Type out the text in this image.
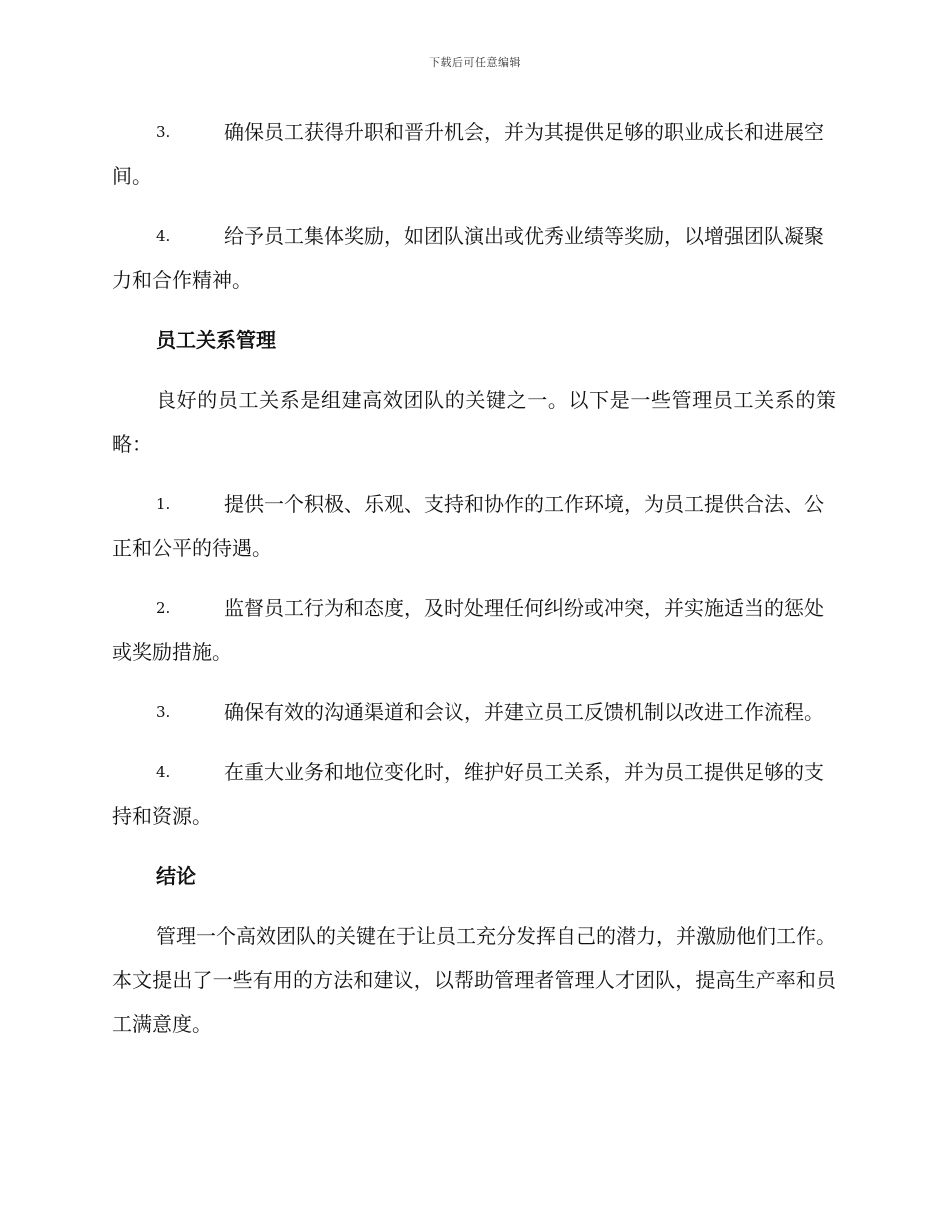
下载后可任意编辑
3.	确保员工获得升职和晋升机会，并为其提供足够的职业成长和进展空间。
4.	给予员工集体奖励，如团队演出或优秀业绩等奖励，以增强团队凝聚力和合作精神。
员工关系管理

良好的员工关系是组建高效团队的关键之一。以下是一些管理员工关系的策略：

1.	提供一个积极、乐观、支持和协作的工作环境，为员工提供合法、公正和公平的待遇。
2.	监督员工行为和态度，及时处理任何纠纷或冲突，并实施适当的惩处或奖励措施。
3.	确保有效的沟通渠道和会议，并建立员工反馈机制以改进工作流程。
4.	在重大业务和地位变化时，维护好员工关系，并为员工提供足够的支持和资源。
结论

管理一个高效团队的关键在于让员工充分发挥自己的潜力，并激励他们工作。本文提出了一些有用的方法和建议，以帮助管理者管理人才团队，提高生产率和员工满意度。
